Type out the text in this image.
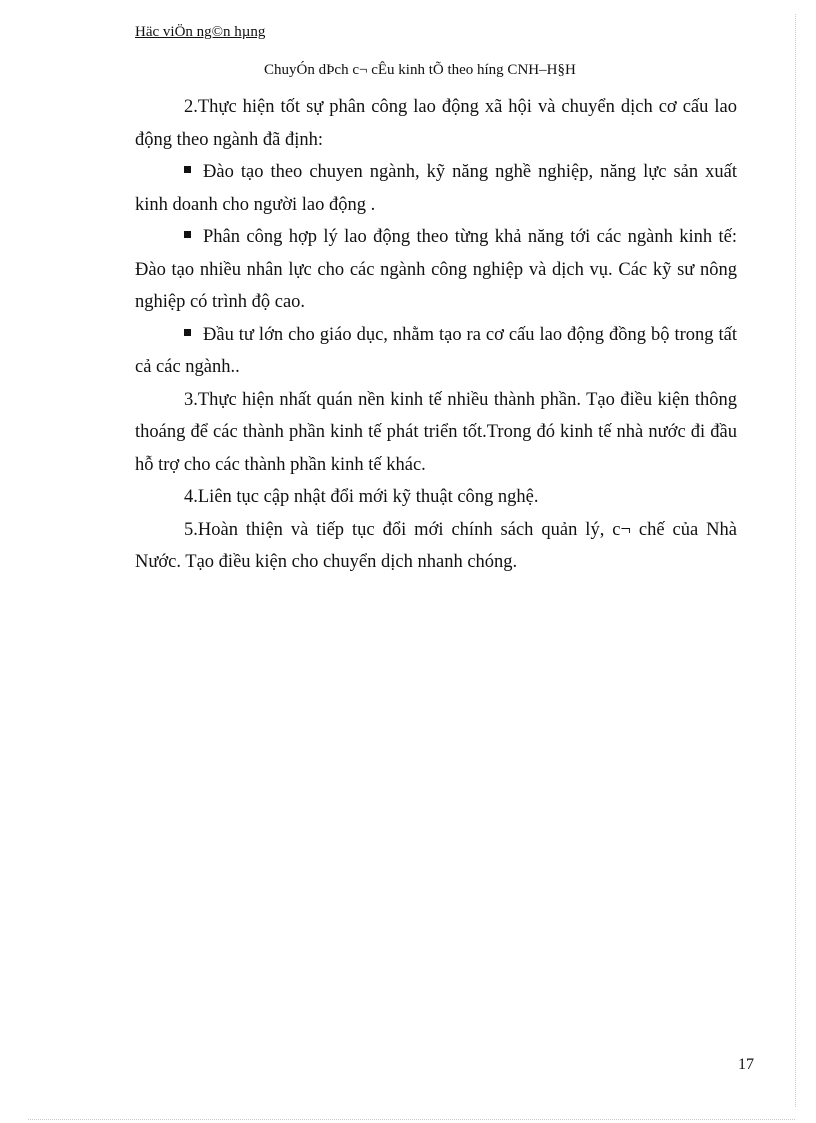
Häc viÖn ng©n hµng
ChuyÓn dÞch c¬ cÊu kinh tÕ theo híng CNH–H§H

2.Thực hiện tốt sự phân công lao động xã hội và chuyển dịch cơ cấu lao động theo ngành đã định:

Đào tạo theo chuyen ngành, kỹ năng nghề nghiệp, năng lực sản xuất kinh doanh cho người lao động .

Phân công hợp lý lao động theo từng khả năng tới các ngành kinh tế: Đào tạo nhiều nhân lực cho các ngành công nghiệp và dịch vụ. Các kỹ sư nông nghiệp có trình độ cao.

Đầu tư lớn cho giáo dục, nhằm tạo ra cơ cấu lao động đồng bộ trong tất cả các ngành..

3.Thực hiện nhất quán nền kinh tế nhiều thành phần. Tạo điều kiện thông thoáng để các thành phần kinh tế phát triển tốt.Trong đó kinh tế nhà nước đi đầu hỗ trợ cho các thành phần kinh tế khác.

4.Liên tục cập nhật đổi mới kỹ thuật công nghệ.

5.Hoàn thiện và tiếp tục đổi mới chính sách quản lý, c¬ chế của Nhà Nước. Tạo điều kiện cho chuyển dịch nhanh chóng.

17
